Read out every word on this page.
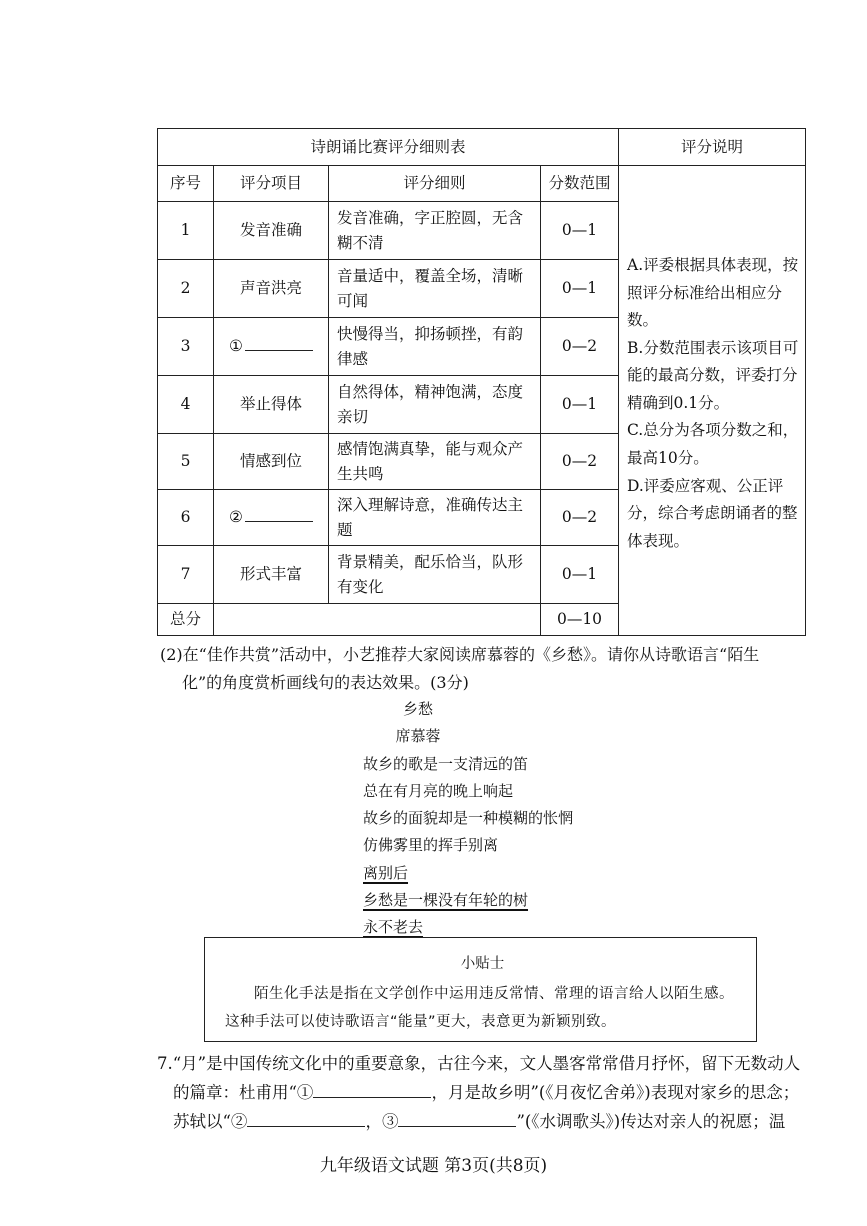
诗朗诵比赛评分细则表				评分说明
序号	评分项目	评分细则	分数范围	A.评委根据具体表现，按照评分标准给出相应分数。
B.分数范围表示该项目可能的最高分数，评委打分精确到0.1分。
C.总分为各项分数之和，最高10分。
D.评委应客观、公正评分，综合考虑朗诵者的整体表现。

1	发音准确	发音准确，字正腔圆，无含糊不清	0—1	
2	声音洪亮	音量适中，覆盖全场，清晰可闻	0—1	
3	①	快慢得当，抑扬顿挫，有韵律感	0—2	
4	举止得体	自然得体，精神饱满，态度亲切	0—1	
5	情感到位	感情饱满真挚，能与观众产生共鸣	0—2	
6	②	深入理解诗意，准确传达主题	0—2	
7	形式丰富	背景精美，配乐恰当，队形有变化	0—1	
总分			0—10	
(2)在“佳作共赏”活动中，小艺推荐大家阅读席慕蓉的《乡愁》。请你从诗歌语言“陌生
化”的角度赏析画线句的表达效果。(3分)
乡愁
席慕蓉
故乡的歌是一支清远的笛
总在有月亮的晚上响起
故乡的面貌却是一种模糊的怅惘
仿佛雾里的挥手别离
离别后
乡愁是一棵没有年轮的树
永不老去
小贴士
陌生化手法是指在文学创作中运用违反常情、常理的语言给人以陌生感。这种手法可以使诗歌语言“能量”更大，表意更为新颖别致。
7.“月”是中国传统文化中的重要意象，古往今来，文人墨客常常借月抒怀，留下无数动人
的篇章：杜甫用“①	，月是故乡明”(《月夜忆舍弟》)表现对家乡的思念；
苏轼以“②	，③	”(《水调歌头》)传达对亲人的祝愿；温
九年级语文试题 第3页(共8页)
